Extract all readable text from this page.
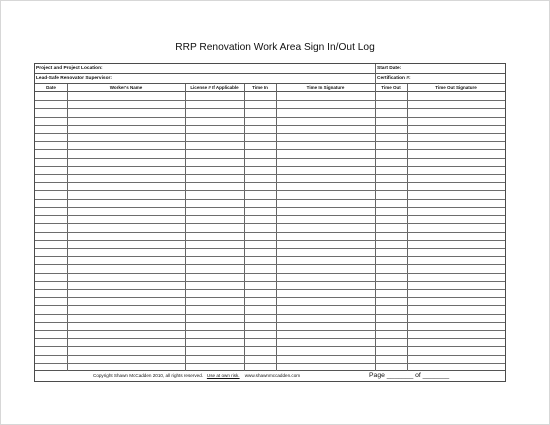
RRP Renovation Work Area Sign In/Out Log
Project and Project Location:	Start Date:
Lead-Safe Renovator Supervisor:	Certification #:
Date	Worker's Name	License # If Applicable	Time In	Time In Signature	Time Out	Time Out Signature
Copyright Shawn McCadden 2010, all rights reserved. Use at own risk. www.shawnmccadden.com	Page _______ of _______
